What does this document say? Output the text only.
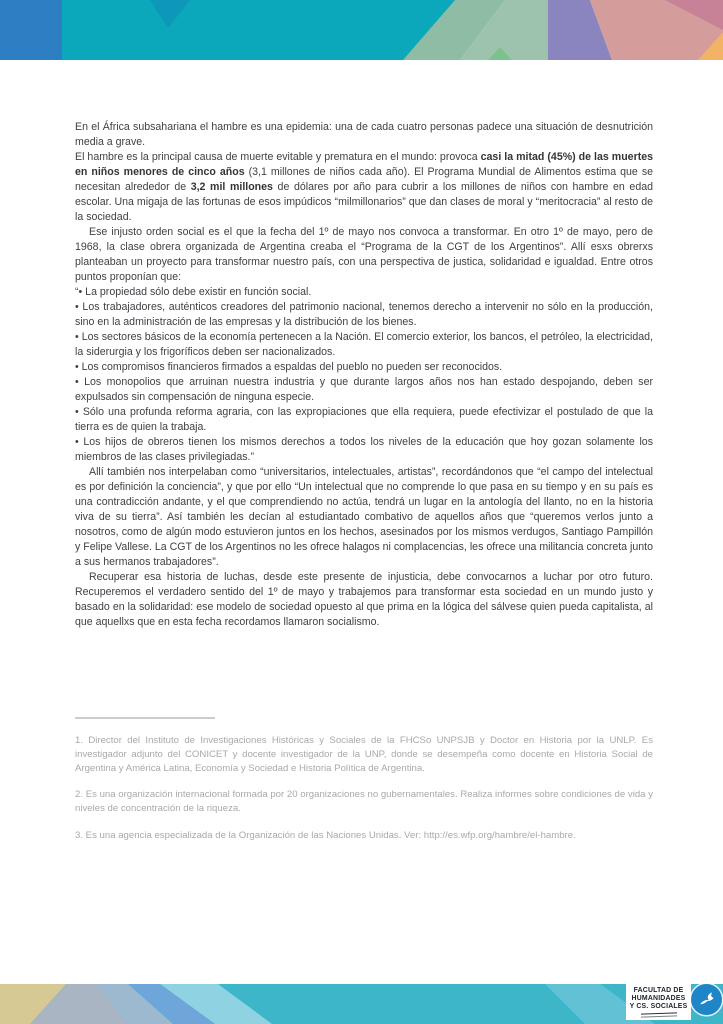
En el África subsahariana el hambre es una epidemia: una de cada cuatro personas padece una situación de desnutrición media a grave.

El hambre es la principal causa de muerte evitable y prematura en el mundo: provoca casi la mitad (45%) de las muertes en niños menores de cinco años (3,1 millones de niños cada año). El Programa Mundial de Alimentos estima que se necesitan alrededor de 3,2 mil millones de dólares por año para cubrir a los millones de niños con hambre en edad escolar. Una migaja de las fortunas de esos impúdicos “milmillonarios” que dan clases de moral y “meritocracia” al resto de la sociedad.

Ese injusto orden social es el que la fecha del 1º de mayo nos convoca a transformar. En otro 1º de mayo, pero de 1968, la clase obrera organizada de Argentina creaba el “Programa de la CGT de los Argentinos”. Allí esxs obrerxs planteaban un proyecto para transformar nuestro país, con una perspectiva de justica, solidaridad e igualdad. Entre otros puntos proponían que:

“• La propiedad sólo debe existir en función social.

• Los trabajadores, auténticos creadores del patrimonio nacional, tenemos derecho a intervenir no sólo en la producción, sino en la administración de las empresas y la distribución de los bienes.

• Los sectores básicos de la economía pertenecen a la Nación. El comercio exterior, los bancos, el petróleo, la electricidad, la siderurgia y los frigoríficos deben ser nacionalizados.

• Los compromisos financieros firmados a espaldas del pueblo no pueden ser reconocidos.

• Los monopolios que arruinan nuestra industria y que durante largos años nos han estado despojando, deben ser expulsados sin compensación de ninguna especie.

• Sólo una profunda reforma agraria, con las expropiaciones que ella requiera, puede efectivizar el postulado de que la tierra es de quien la trabaja.

• Los hijos de obreros tienen los mismos derechos a todos los niveles de la educación que hoy gozan solamente los miembros de las clases privilegiadas.”

Allí también nos interpelaban como “universitarios, intelectuales, artistas”, recordándonos que “el campo del intelectual es por definición la conciencia”, y que por ello “Un intelectual que no comprende lo que pasa en su tiempo y en su país es una contradicción andante, y el que comprendiendo no actúa, tendrá un lugar en la antología del llanto, no en la historia viva de su tierra”. Así también les decían al estudiantado combativo de aquellos años que “queremos verlos junto a nosotros, como de algún modo estuvieron juntos en los hechos, asesinados por los mismos verdugos, Santiago Pampillón y Felipe Vallese. La CGT de los Argentinos no les ofrece halagos ni complacencias, les ofrece una militancia concreta junto a sus hermanos trabajadores”.

Recuperar esa historia de luchas, desde este presente de injusticia, debe convocarnos a luchar por otro futuro. Recuperemos el verdadero sentido del 1º de mayo y trabajemos para transformar esta sociedad en un mundo justo y basado en la solidaridad: ese modelo de sociedad opuesto al que prima en la lógica del sálvese quien pueda capitalista, al que aquellxs que en esta fecha recordamos llamaron socialismo.

1. Director del Instituto de Investigaciones Históricas y Sociales de la FHCSo UNPSJB y Doctor en Historia por la UNLP. Es investigador adjunto del CONICET y docente investigador de la UNP, donde se desempeña como docente en Historia Social de Argentina y América Latina, Economía y Sociedad e Historia Política de Argentina.

2. Es una organización internacional formada por 20 organizaciones no gubernamentales. Realiza informes sobre condiciones de vida y niveles de concentración de la riqueza.

3. Es una agencia especializada de la Organización de las Naciones Unidas. Ver: http://es.wfp.org/hambre/el-hambre.

FACULTAD DE
HUMANIDADES
Y CS. SOCIALES
